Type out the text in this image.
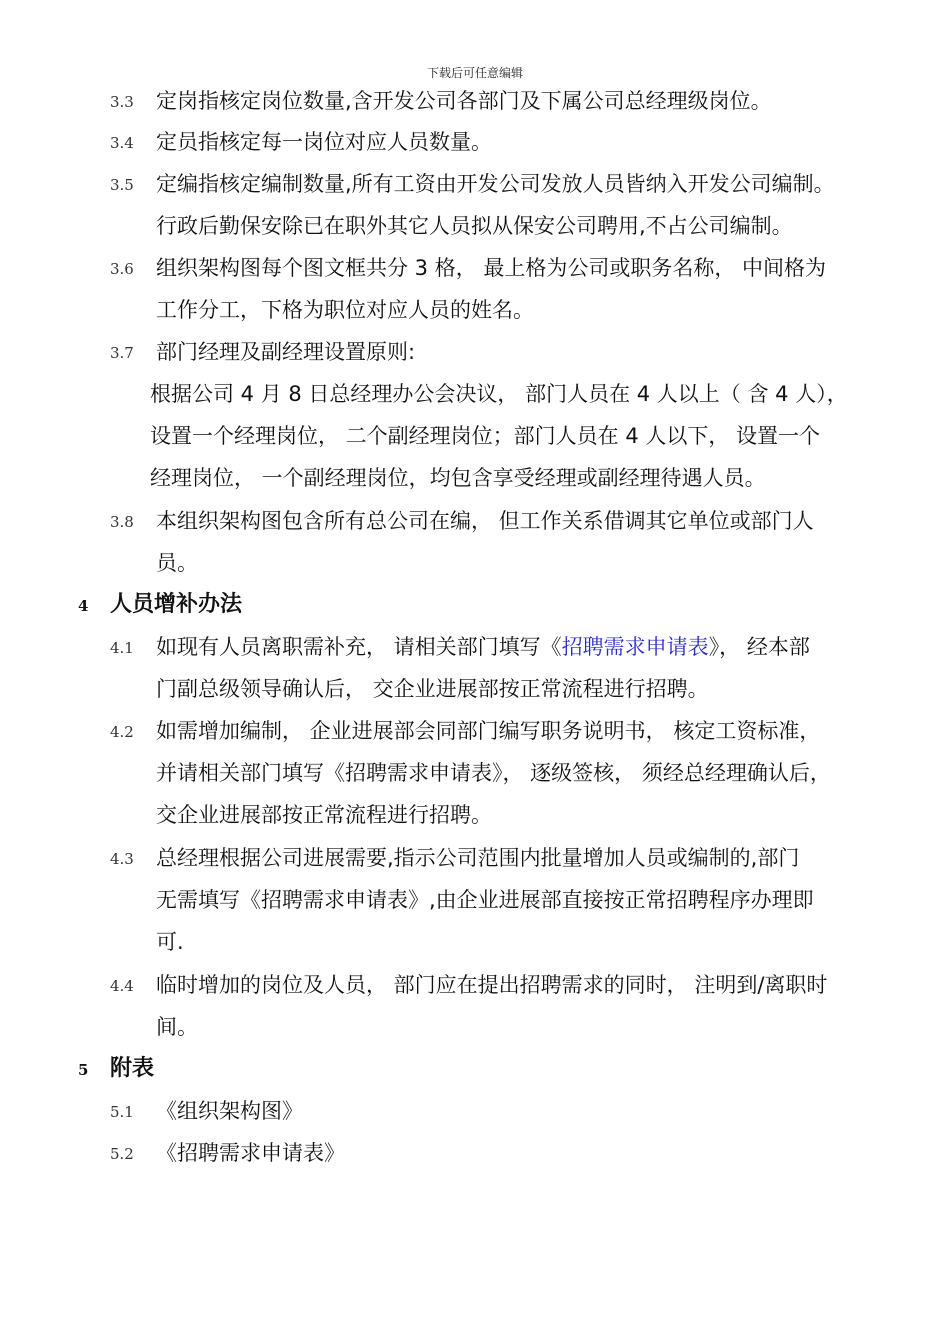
下载后可任意编辑
3.3 定岗指核定岗位数量,含开发公司各部门及下属公司总经理级岗位。
3.4 定员指核定每一岗位对应人员数量。
3.5 定编指核定编制数量,所有工资由开发公司发放人员皆纳入开发公司编制。
行政后勤保安除已在职外其它人员拟从保安公司聘用,不占公司编制。
3.6 组织架构图每个图文框共分 3 格， 最上格为公司或职务名称， 中间格为
工作分工，下格为职位对应人员的姓名。
3.7 部门经理及副经理设置原则:
根据公司 4 月 8 日总经理办公会决议， 部门人员在 4 人以上（ 含 4 人），
设置一个经理岗位， 二个副经理岗位；部门人员在 4 人以下， 设置一个
经理岗位， 一个副经理岗位，均包含享受经理或副经理待遇人员。
3.8 本组织架构图包含所有总公司在编， 但工作关系借调其它单位或部门人
员。
4 人员增补办法
4.1 如现有人员离职需补充， 请相关部门填写《招聘需求申请表》， 经本部
门副总级领导确认后， 交企业进展部按正常流程进行招聘。
4.2 如需增加编制， 企业进展部会同部门编写职务说明书， 核定工资标准，
并请相关部门填写《招聘需求申请表》， 逐级签核， 须经总经理确认后，
交企业进展部按正常流程进行招聘。
4.3 总经理根据公司进展需要,指示公司范围内批量增加人员或编制的,部门
无需填写《招聘需求申请表》,由企业进展部直接按正常招聘程序办理即
可.
4.4 临时增加的岗位及人员， 部门应在提出招聘需求的同时， 注明到/离职时
间。
5 附表
5.1 《组织架构图》
5.2 《招聘需求申请表》
